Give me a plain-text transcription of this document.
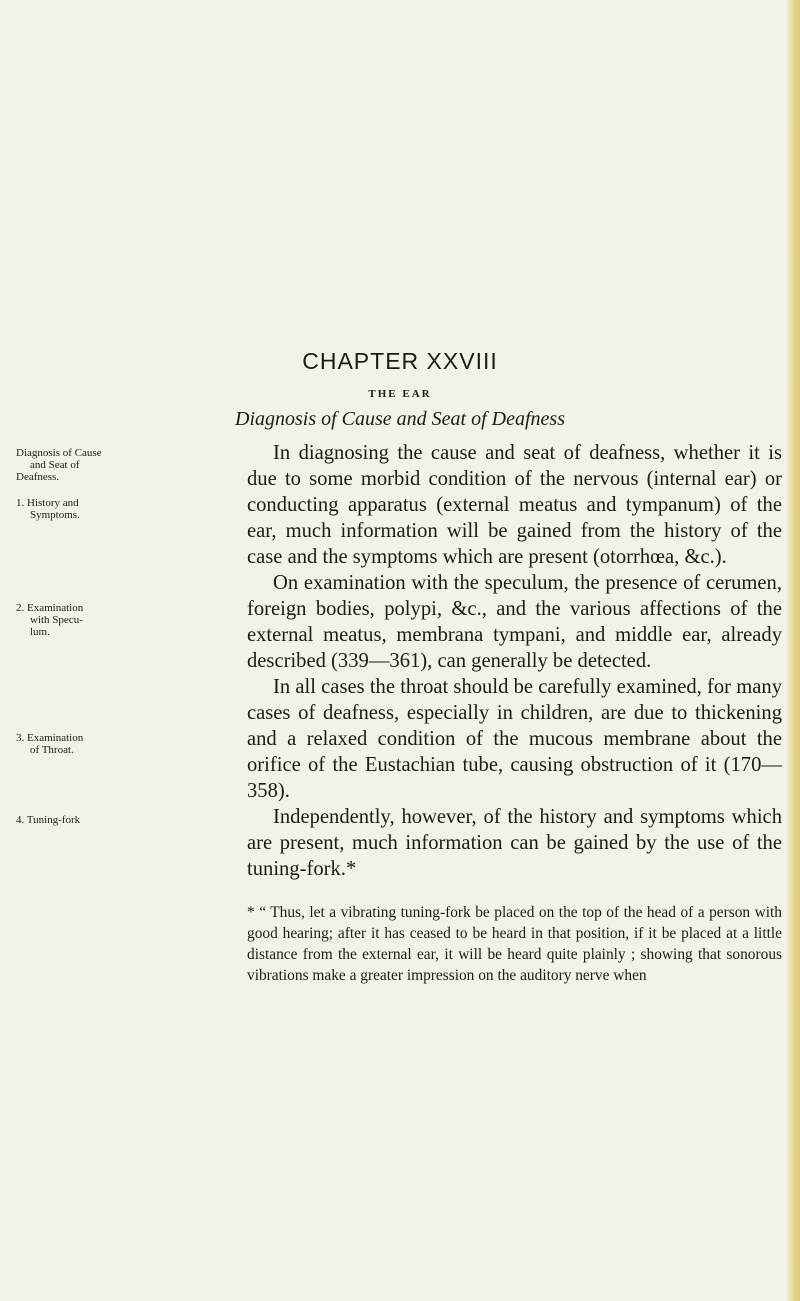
CHAPTER XXVIII
THE EAR
Diagnosis of Cause and Seat of Deafness
Diagnosis of Cause
and Seat of
Deafness.
1. History and
Symptoms.
2. Examination
with Specu-
lum.
3. Examination
of Throat.
4. Tuning-fork

In diagnosing the cause and seat of deafness, whether it is due to some morbid condition of the nervous (internal ear) or conducting apparatus (external meatus and tympanum) of the ear, much information will be gained from the history of the case and the symptoms which are present (otorrhœa, &c.).

On examination with the speculum, the presence of cerumen, foreign bodies, polypi, &c., and the various affections of the external meatus, membrana tympani, and middle ear, already described (339—361), can generally be detected.

In all cases the throat should be carefully examined, for many cases of deafness, especially in children, are due to thickening and a relaxed condition of the mucous membrane about the orifice of the Eustachian tube, causing obstruction of it (170—358).

Independently, however, of the history and symptoms which are present, much information can be gained by the use of the tuning-fork.*

* “ Thus, let a vibrating tuning-fork be placed on the top of the head of a person with good hearing; after it has ceased to be heard in that position, if it be placed at a little distance from the external ear, it will be heard quite plainly ; showing that sonorous vibrations make a greater impression on the auditory nerve when
